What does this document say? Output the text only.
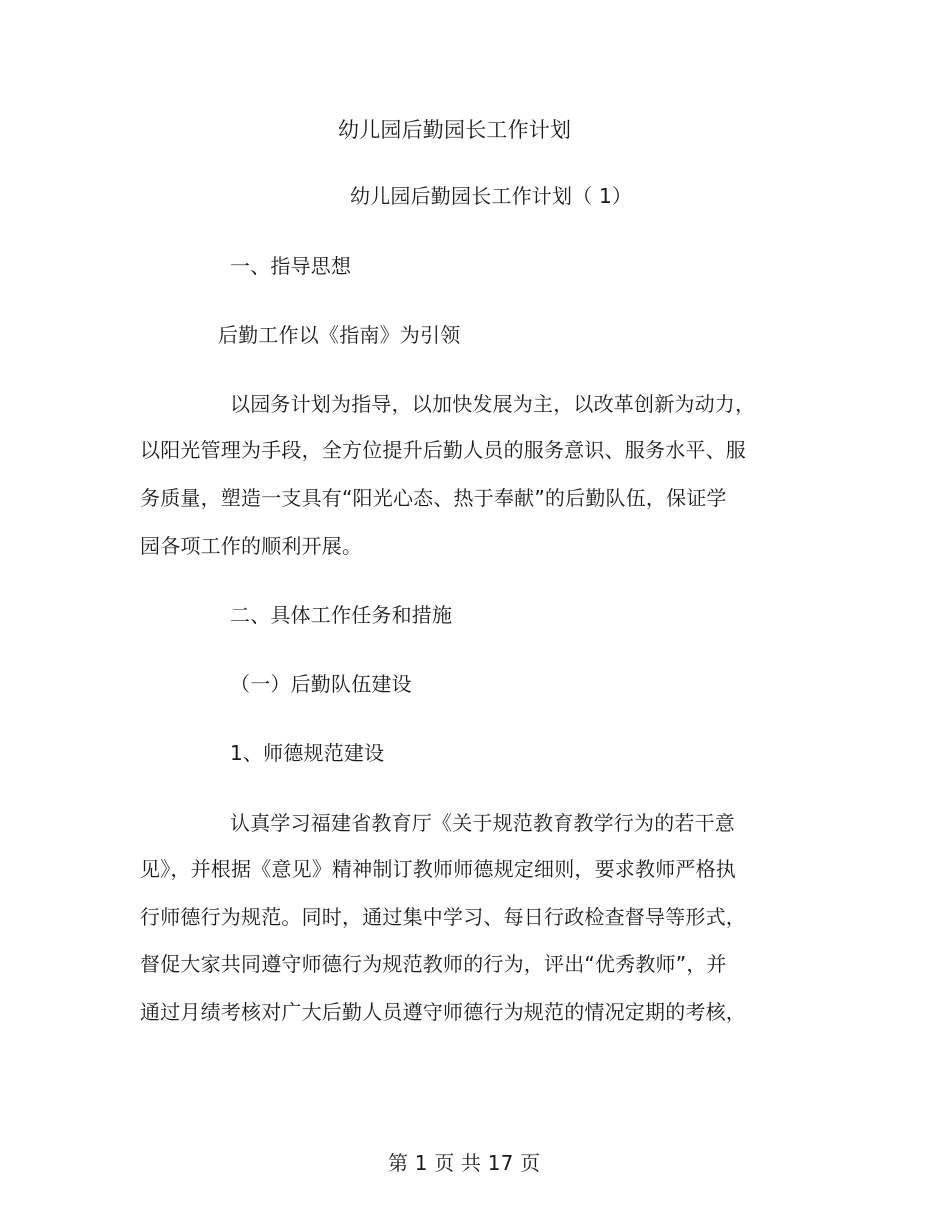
幼儿园后勤园长工作计划
幼儿园后勤园长工作计划（ 1）
一、指导思想
后勤工作以《指南》为引领
以园务计划为指导，以加快发展为主，以改革创新为动力，
以阳光管理为手段，全方位提升后勤人员的服务意识、服务水平、服
务质量，塑造一支具有“阳光心态、热于奉献”的后勤队伍，保证学
园各项工作的顺利开展。
二、具体工作任务和措施
（一）后勤队伍建设
1、师德规范建设
认真学习福建省教育厅《关于规范教育教学行为的若干意
见》，并根据《意见》精神制订教师师德规定细则，要求教师严格执
行师德行为规范。同时，通过集中学习、每日行政检查督导等形式，
督促大家共同遵守师德行为规范教师的行为，评出“优秀教师”，并
通过月绩考核对广大后勤人员遵守师德行为规范的情况定期的考核，
第 1 页 共 17 页
